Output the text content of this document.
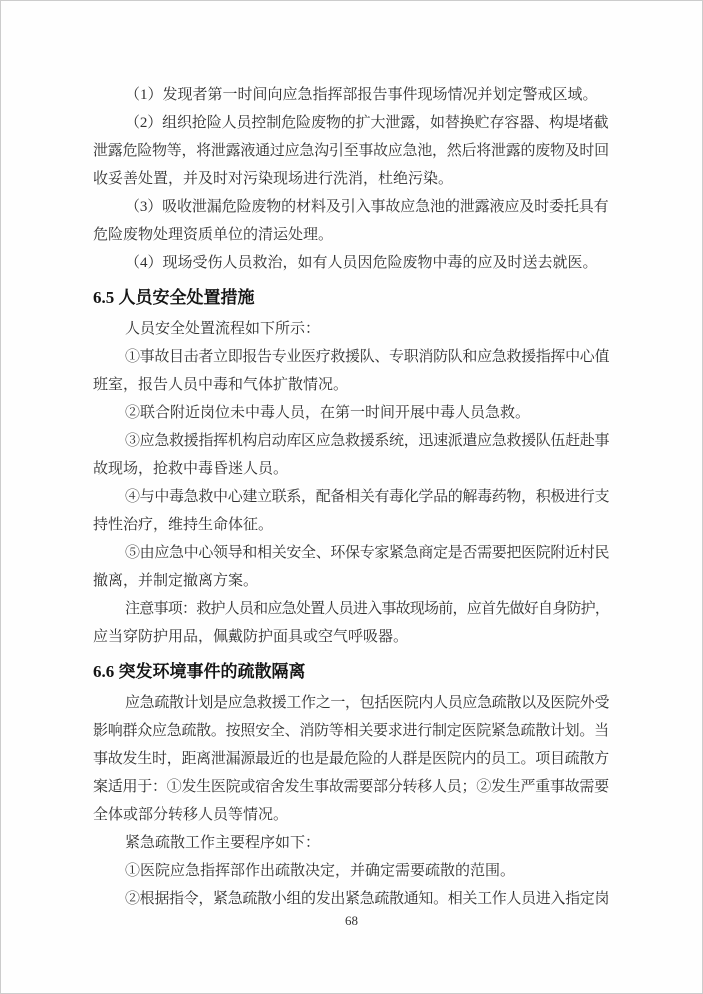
（1）发现者第一时间向应急指挥部报告事件现场情况并划定警戒区域。
（2）组织抢险人员控制危险废物的扩大泄露，如替换贮存容器、构堤堵截
泄露危险物等，将泄露液通过应急沟引至事故应急池，然后将泄露的废物及时回
收妥善处置，并及时对污染现场进行洗消，杜绝污染。
（3）吸收泄漏危险废物的材料及引入事故应急池的泄露液应及时委托具有
危险废物处理资质单位的清运处理。
（4）现场受伤人员救治，如有人员因危险废物中毒的应及时送去就医。
6.5 人员安全处置措施
人员安全处置流程如下所示：
①事故目击者立即报告专业医疗救援队、专职消防队和应急救援指挥中心值
班室，报告人员中毒和气体扩散情况。
②联合附近岗位未中毒人员，在第一时间开展中毒人员急救。
③应急救援指挥机构启动库区应急救援系统，迅速派遣应急救援队伍赶赴事
故现场，抢救中毒昏迷人员。
④与中毒急救中心建立联系，配备相关有毒化学品的解毒药物，积极进行支
持性治疗，维持生命体征。
⑤由应急中心领导和相关安全、环保专家紧急商定是否需要把医院附近村民
撤离，并制定撤离方案。
注意事项：救护人员和应急处置人员进入事故现场前，应首先做好自身防护，
应当穿防护用品，佩戴防护面具或空气呼吸器。
6.6 突发环境事件的疏散隔离
应急疏散计划是应急救援工作之一，包括医院内人员应急疏散以及医院外受
影响群众应急疏散。按照安全、消防等相关要求进行制定医院紧急疏散计划。当
事故发生时，距离泄漏源最近的也是最危险的人群是医院内的员工。项目疏散方
案适用于：①发生医院或宿舍发生事故需要部分转移人员；②发生严重事故需要
全体或部分转移人员等情况。
紧急疏散工作主要程序如下：
①医院应急指挥部作出疏散决定，并确定需要疏散的范围。
②根据指令，紧急疏散小组的发出紧急疏散通知。相关工作人员进入指定岗
68
